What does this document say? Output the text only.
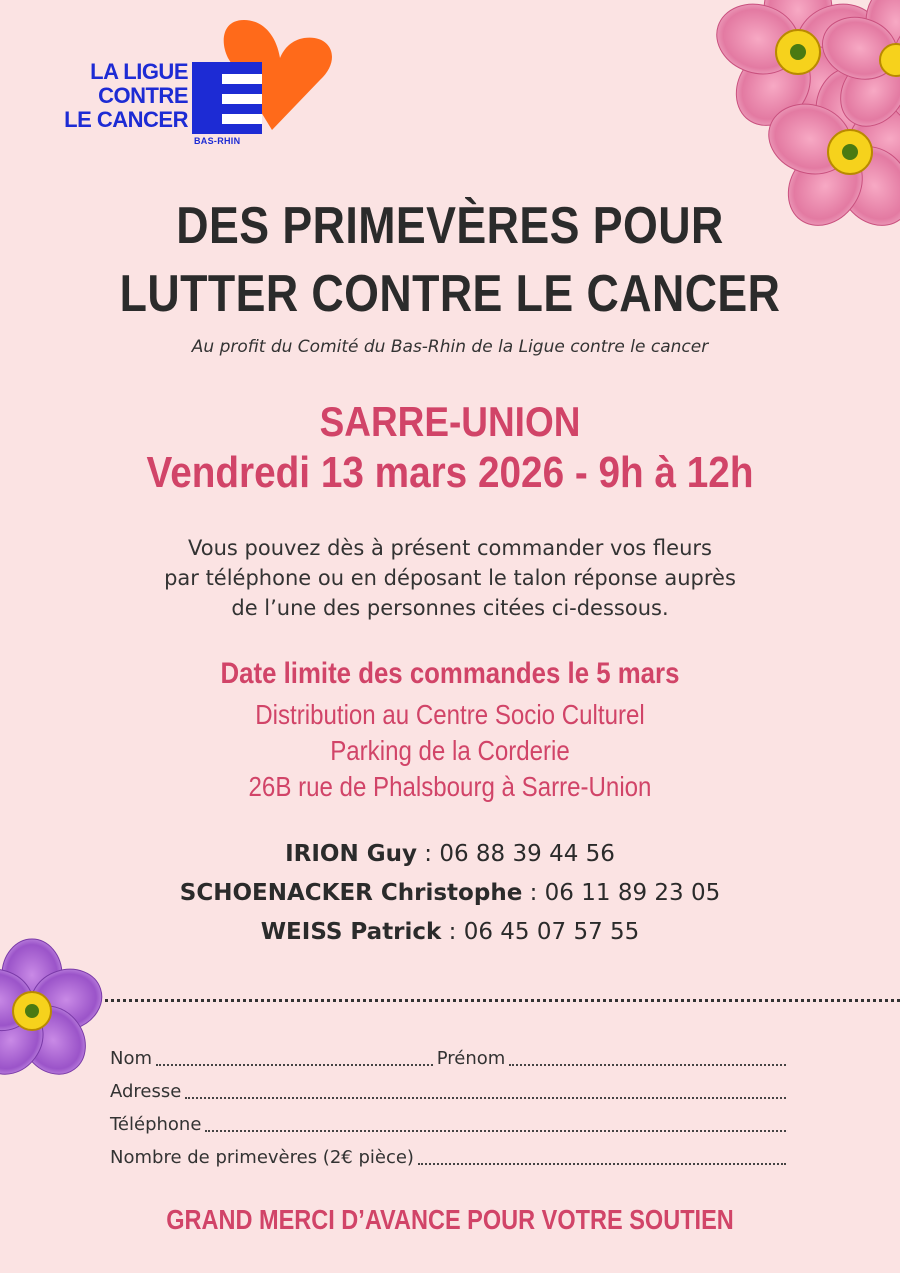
LA LIGUE
CONTRE
LE CANCER
BAS-RHIN
DES PRIMEVÈRES POUR
LUTTER CONTRE LE CANCER
Au profit du Comité du Bas-Rhin de la Ligue contre le cancer
SARRE-UNION
Vendredi 13 mars 2026 - 9h à 12h
Vous pouvez dès à présent commander vos fleurs
par téléphone ou en déposant le talon réponse auprès
de l’une des personnes citées ci-dessous.
Date limite des commandes le 5 mars
Distribution au Centre Socio Culturel
Parking de la Corderie
26B rue de Phalsbourg à Sarre-Union
IRION Guy : 06 88 39 44 56
SCHOENACKER Christophe : 06 11 89 23 05
WEISS Patrick : 06 45 07 57 55
Nom	Prénom
Adresse
Téléphone
Nombre de primevères (2€ pièce)
GRAND MERCI D’AVANCE POUR VOTRE SOUTIEN
